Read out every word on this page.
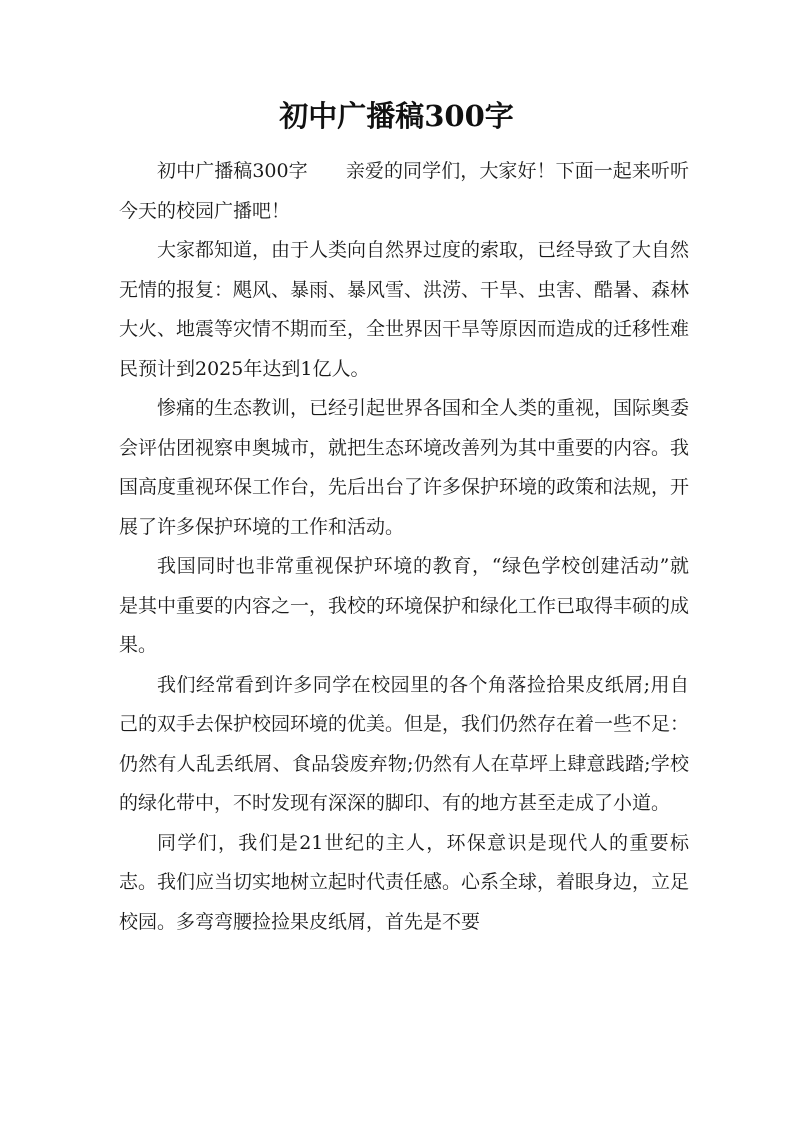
初中广播稿300字

初中广播稿300字　　亲爱的同学们，大家好！下面一起来听听今天的校园广播吧！

大家都知道，由于人类向自然界过度的索取，已经导致了大自然无情的报复：飓风、暴雨、暴风雪、洪涝、干旱、虫害、酷暑、森林大火、地震等灾情不期而至，全世界因干旱等原因而造成的迁移性难民预计到2025年达到1亿人。

惨痛的生态教训，已经引起世界各国和全人类的重视，国际奥委会评估团视察申奥城市，就把生态环境改善列为其中重要的内容。我国高度重视环保工作台，先后出台了许多保护环境的政策和法规，开展了许多保护环境的工作和活动。

我国同时也非常重视保护环境的教育，“绿色学校创建活动”就是其中重要的内容之一，我校的环境保护和绿化工作已取得丰硕的成果。

我们经常看到许多同学在校园里的各个角落捡拾果皮纸屑;用自己的双手去保护校园环境的优美。但是，我们仍然存在着一些不足：仍然有人乱丢纸屑、食品袋废弃物;仍然有人在草坪上肆意践踏;学校的绿化带中，不时发现有深深的脚印、有的地方甚至走成了小道。

同学们，我们是21世纪的主人，环保意识是现代人的重要标志。我们应当切实地树立起时代责任感。心系全球，着眼身边，立足校园。多弯弯腰捡捡果皮纸屑，首先是不要
